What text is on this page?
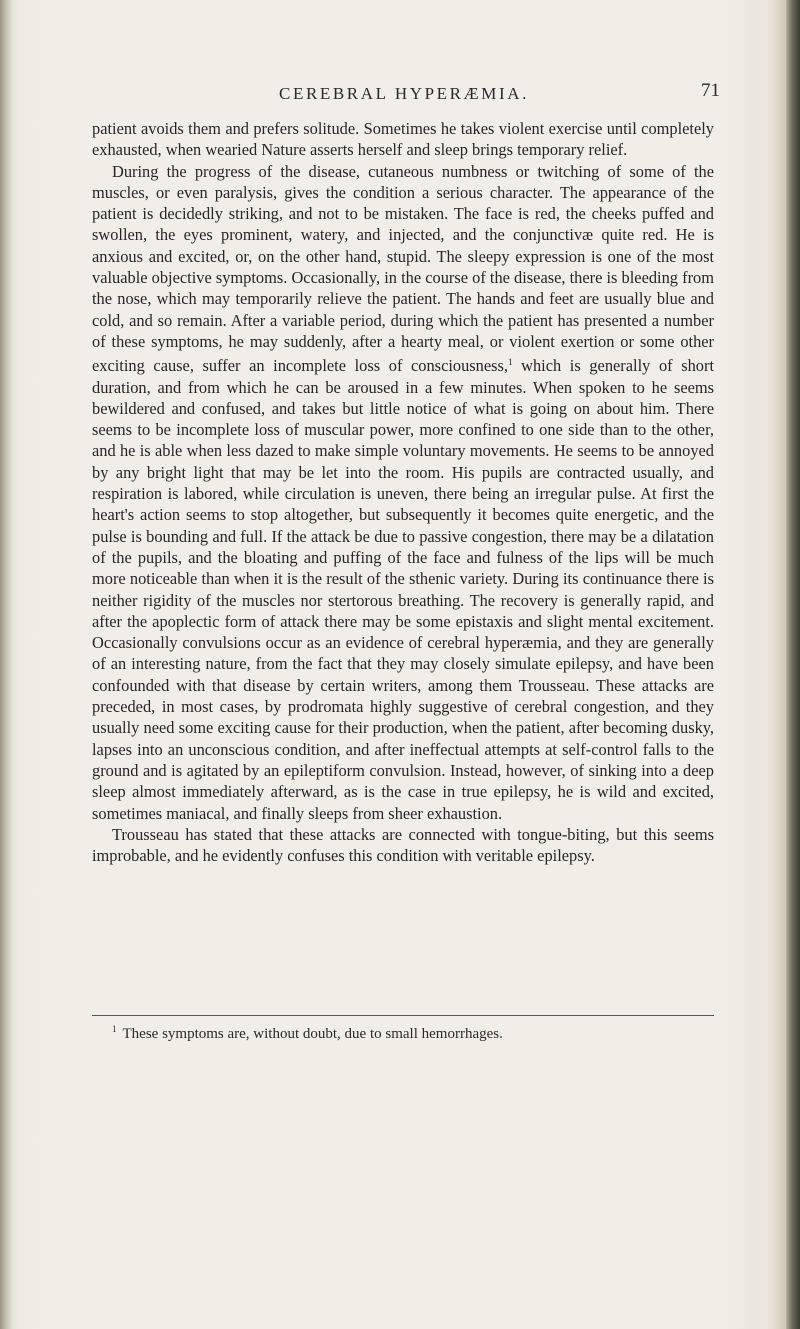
CEREBRAL HYPERÆMIA.	71

patient avoids them and prefers solitude. Sometimes he takes violent exercise until completely exhausted, when wearied Nature asserts herself and sleep brings temporary relief.

During the progress of the disease, cutaneous numbness or twitching of some of the muscles, or even paralysis, gives the condition a serious character. The appearance of the patient is decidedly striking, and not to be mistaken. The face is red, the cheeks puffed and swollen, the eyes prominent, watery, and injected, and the conjunctivæ quite red. He is anxious and excited, or, on the other hand, stupid. The sleepy expression is one of the most valuable objective symptoms. Occasionally, in the course of the disease, there is bleeding from the nose, which may temporarily relieve the patient. The hands and feet are usually blue and cold, and so remain. After a variable period, during which the patient has presented a number of these symptoms, he may suddenly, after a hearty meal, or violent exertion or some other exciting cause, suffer an incomplete loss of consciousness,$^1$ which is generally of short duration, and from which he can be aroused in a few minutes. When spoken to he seems bewildered and confused, and takes but little notice of what is going on about him. There seems to be incomplete loss of muscular power, more confined to one side than to the other, and he is able when less dazed to make simple voluntary movements. He seems to be annoyed by any bright light that may be let into the room. His pupils are contracted usually, and respiration is labored, while circulation is uneven, there being an irregular pulse. At first the heart's action seems to stop altogether, but subsequently it becomes quite energetic, and the pulse is bounding and full. If the attack be due to passive congestion, there may be a dilatation of the pupils, and the bloating and puffing of the face and fulness of the lips will be much more noticeable than when it is the result of the sthenic variety. During its continuance there is neither rigidity of the muscles nor stertorous breathing. The recovery is generally rapid, and after the apoplectic form of attack there may be some epistaxis and slight mental excitement. Occasionally convulsions occur as an evidence of cerebral hyperæmia, and they are generally of an interesting nature, from the fact that they may closely simulate epilepsy, and have been confounded with that disease by certain writers, among them Trousseau. These attacks are preceded, in most cases, by prodromata highly suggestive of cerebral congestion, and they usually need some exciting cause for their production, when the patient, after becoming dusky, lapses into an unconscious condition, and after ineffectual attempts at self-control falls to the ground and is agitated by an epileptiform convulsion. Instead, however, of sinking into a deep sleep almost immediately afterward, as is the case in true epilepsy, he is wild and excited, sometimes maniacal, and finally sleeps from sheer exhaustion.

Trousseau has stated that these attacks are connected with tongue-biting, but this seems improbable, and he evidently confuses this condition with veritable epilepsy.

$^1$ These symptoms are, without doubt, due to small hemorrhages.
